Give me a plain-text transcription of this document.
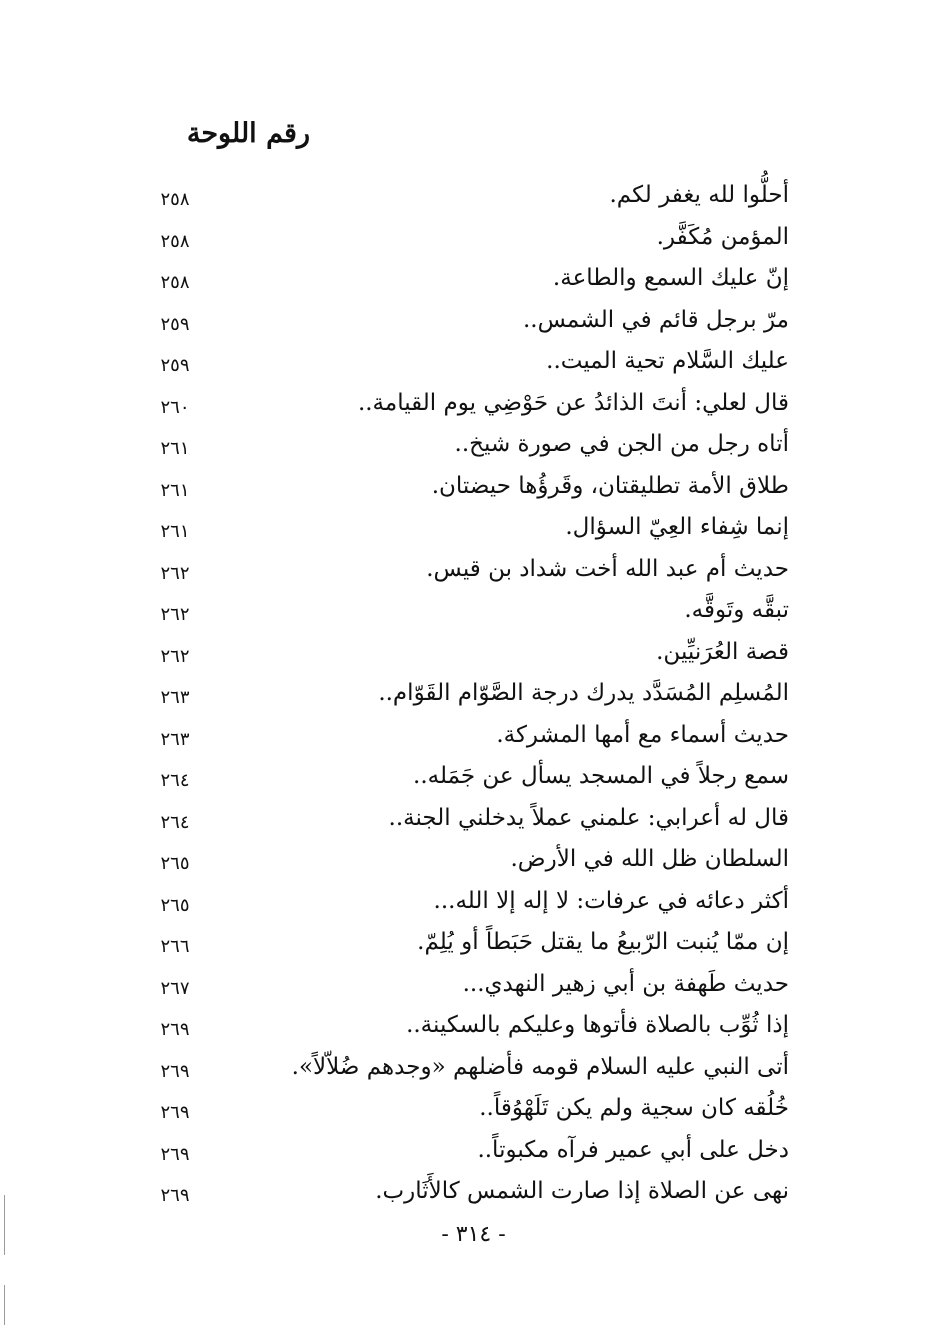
رقم اللوحة
أحلُّوا لله يغفر لكم.
٢٥٨
المؤمن مُكَفَّر.
٢٥٨
إنّ عليك السمع والطاعة.
٢٥٨
مرّ برجل قائم في الشمس..
٢٥٩
عليك السَّلام تحية الميت..
٢٥٩
قال لعلي: أنتَ الذائدُ عن حَوْضِي يوم القيامة..
٢٦٠
أتاه رجل من الجن في صورة شيخ..
٢٦١
طلاق الأمة تطليقتان، وقَرؤُها حيضتان.
٢٦١
إنما شِفاء العِيّ السؤال.
٢٦١
حديث أم عبد الله أخت شداد بن قيس.
٢٦٢
تبقَّه وتَوقَّه.
٢٦٢
قصة العُرَنيِّين.
٢٦٢
المُسلِم المُسَدَّد يدرك درجة الصَّوّام القَوّام..
٢٦٣
حديث أسماء مع أمها المشركة.
٢٦٣
سمع رجلاً في المسجد يسأل عن جَمَله..
٢٦٤
قال له أعرابي: علمني عملاً يدخلني الجنة..
٢٦٤
السلطان ظل الله في الأرض.
٢٦٥
أكثر دعائه في عرفات: لا إله إلا الله...
٢٦٥
إن ممّا يُنبت الرّبيعُ ما يقتل حَبَطاً أو يُلِمّ.
٢٦٦
حديث طَهفة بن أبي زهير النهدي...
٢٦٧
إذا ثُوِّب بالصلاة فأتوها وعليكم بالسكينة..
٢٦٩
أتى النبي عليه السلام قومه فأضلهم «وجدهم ضُلاّلاً».
٢٦٩
خُلُقه كان سجية ولم يكن تَلَهْوُقاً..
٢٦٩
دخل على أبي عمير فرآه مكبوتاً..
٢٦٩
نهى عن الصلاة إذا صارت الشمس كالأَثَارب.
٢٦٩
- ٣١٤ -
